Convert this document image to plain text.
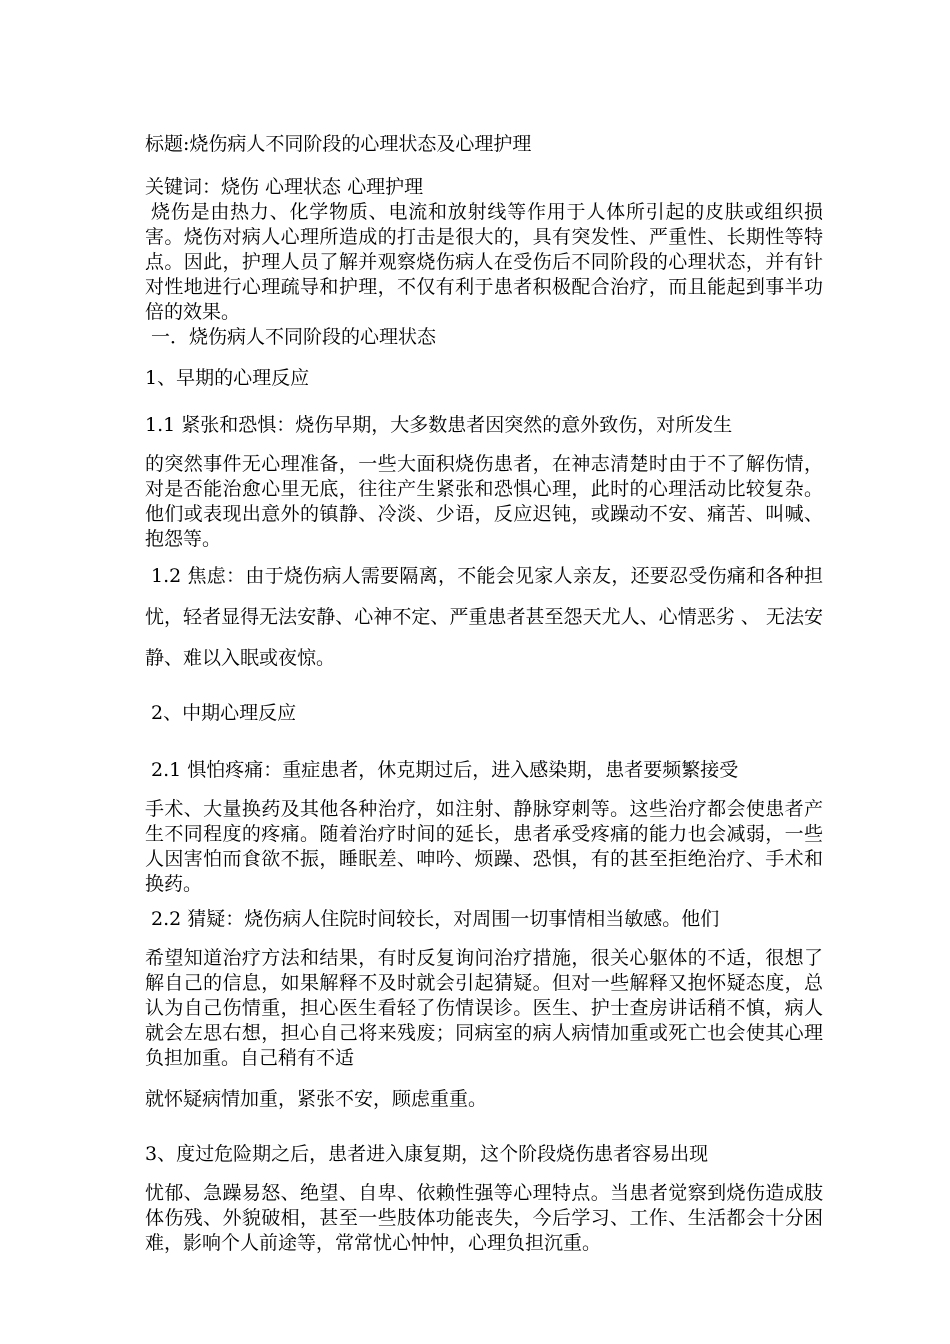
标题:烧伤病人不同阶段的心理状态及心理护理

关键词：烧伤 心理状态 心理护理

烧伤是由热力、化学物质、电流和放射线等作用于人体所引起的皮肤或组织损害。烧伤对病人心理所造成的打击是很大的，具有突发性、严重性、长期性等特点。因此，护理人员了解并观察烧伤病人在受伤后不同阶段的心理状态，并有针对性地进行心理疏导和护理，不仅有利于患者积极配合治疗，而且能起到事半功倍的效果。

一．烧伤病人不同阶段的心理状态

1、早期的心理反应

1.1 紧张和恐惧：烧伤早期，大多数患者因突然的意外致伤，对所发生

的突然事件无心理准备，一些大面积烧伤患者，在神志清楚时由于不了解伤情，对是否能治愈心里无底，往往产生紧张和恐惧心理，此时的心理活动比较复杂。他们或表现出意外的镇静、冷淡、少语，反应迟钝，或躁动不安、痛苦、叫喊、抱怨等。

1.2 焦虑：由于烧伤病人需要隔离，不能会见家人亲友，还要忍受伤痛和各种担忧，轻者显得无法安静、心神不定、严重患者甚至怨天尤人、心情恶劣 、 无法安静、难以入眠或夜惊。

2、中期心理反应

2.1 惧怕疼痛：重症患者，休克期过后，进入感染期，患者要频繁接受

手术、大量换药及其他各种治疗，如注射、静脉穿刺等。这些治疗都会使患者产生不同程度的疼痛。随着治疗时间的延长，患者承受疼痛的能力也会减弱，一些人因害怕而食欲不振，睡眠差、呻吟、烦躁、恐惧，有的甚至拒绝治疗、手术和换药。

2.2 猜疑：烧伤病人住院时间较长，对周围一切事情相当敏感。他们

希望知道治疗方法和结果，有时反复询问治疗措施，很关心躯体的不适，很想了解自己的信息，如果解释不及时就会引起猜疑。但对一些解释又抱怀疑态度，总认为自己伤情重，担心医生看轻了伤情误诊。医生、护士查房讲话稍不慎，病人就会左思右想，担心自己将来残废；同病室的病人病情加重或死亡也会使其心理负担加重。自己稍有不适

就怀疑病情加重，紧张不安，顾虑重重。

3、度过危险期之后，患者进入康复期，这个阶段烧伤患者容易出现

忧郁、急躁易怒、绝望、自卑、依赖性强等心理特点。当患者觉察到烧伤造成肢体伤残、外貌破相，甚至一些肢体功能丧失，今后学习、工作、生活都会十分困难，影响个人前途等，常常忧心忡忡，心理负担沉重。
